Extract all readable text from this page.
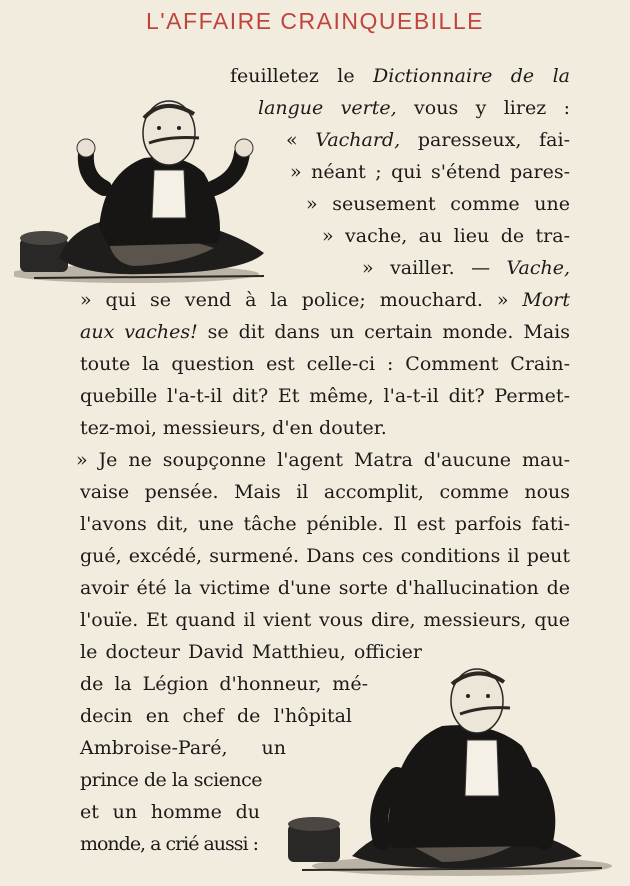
L'AFFAIRE CRAINQUEBILLE
feuilletez le Dictionnaire de la
langue verte, vous y lirez :
« Vachard, paresseux, fai-
» néant ; qui s'étend pares-
» seusement comme une
» vache, au lieu de tra-
» vailler. — Vache,
» qui se vend à la police; mouchard. » Mort
aux vaches! se dit dans un certain monde. Mais
toute la question est celle-ci : Comment Crain-
quebille l'a-t-il dit? Et même, l'a-t-il dit? Permet-
tez-moi, messieurs, d'en douter.
» Je ne soupçonne l'agent Matra d'aucune mau-
vaise pensée. Mais il accomplit, comme nous
l'avons dit, une tâche pénible. Il est parfois fati-
gué, excédé, surmené. Dans ces conditions il peut
avoir été la victime d'une sorte d'hallucination de
l'ouïe. Et quand il vient vous dire, messieurs, que
le docteur David Matthieu, officier
de la Légion d'honneur, mé-
decin en chef de l'hôpital
Ambroise-Paré, un
prince de la science
et un homme du
monde, a crié aussi :
